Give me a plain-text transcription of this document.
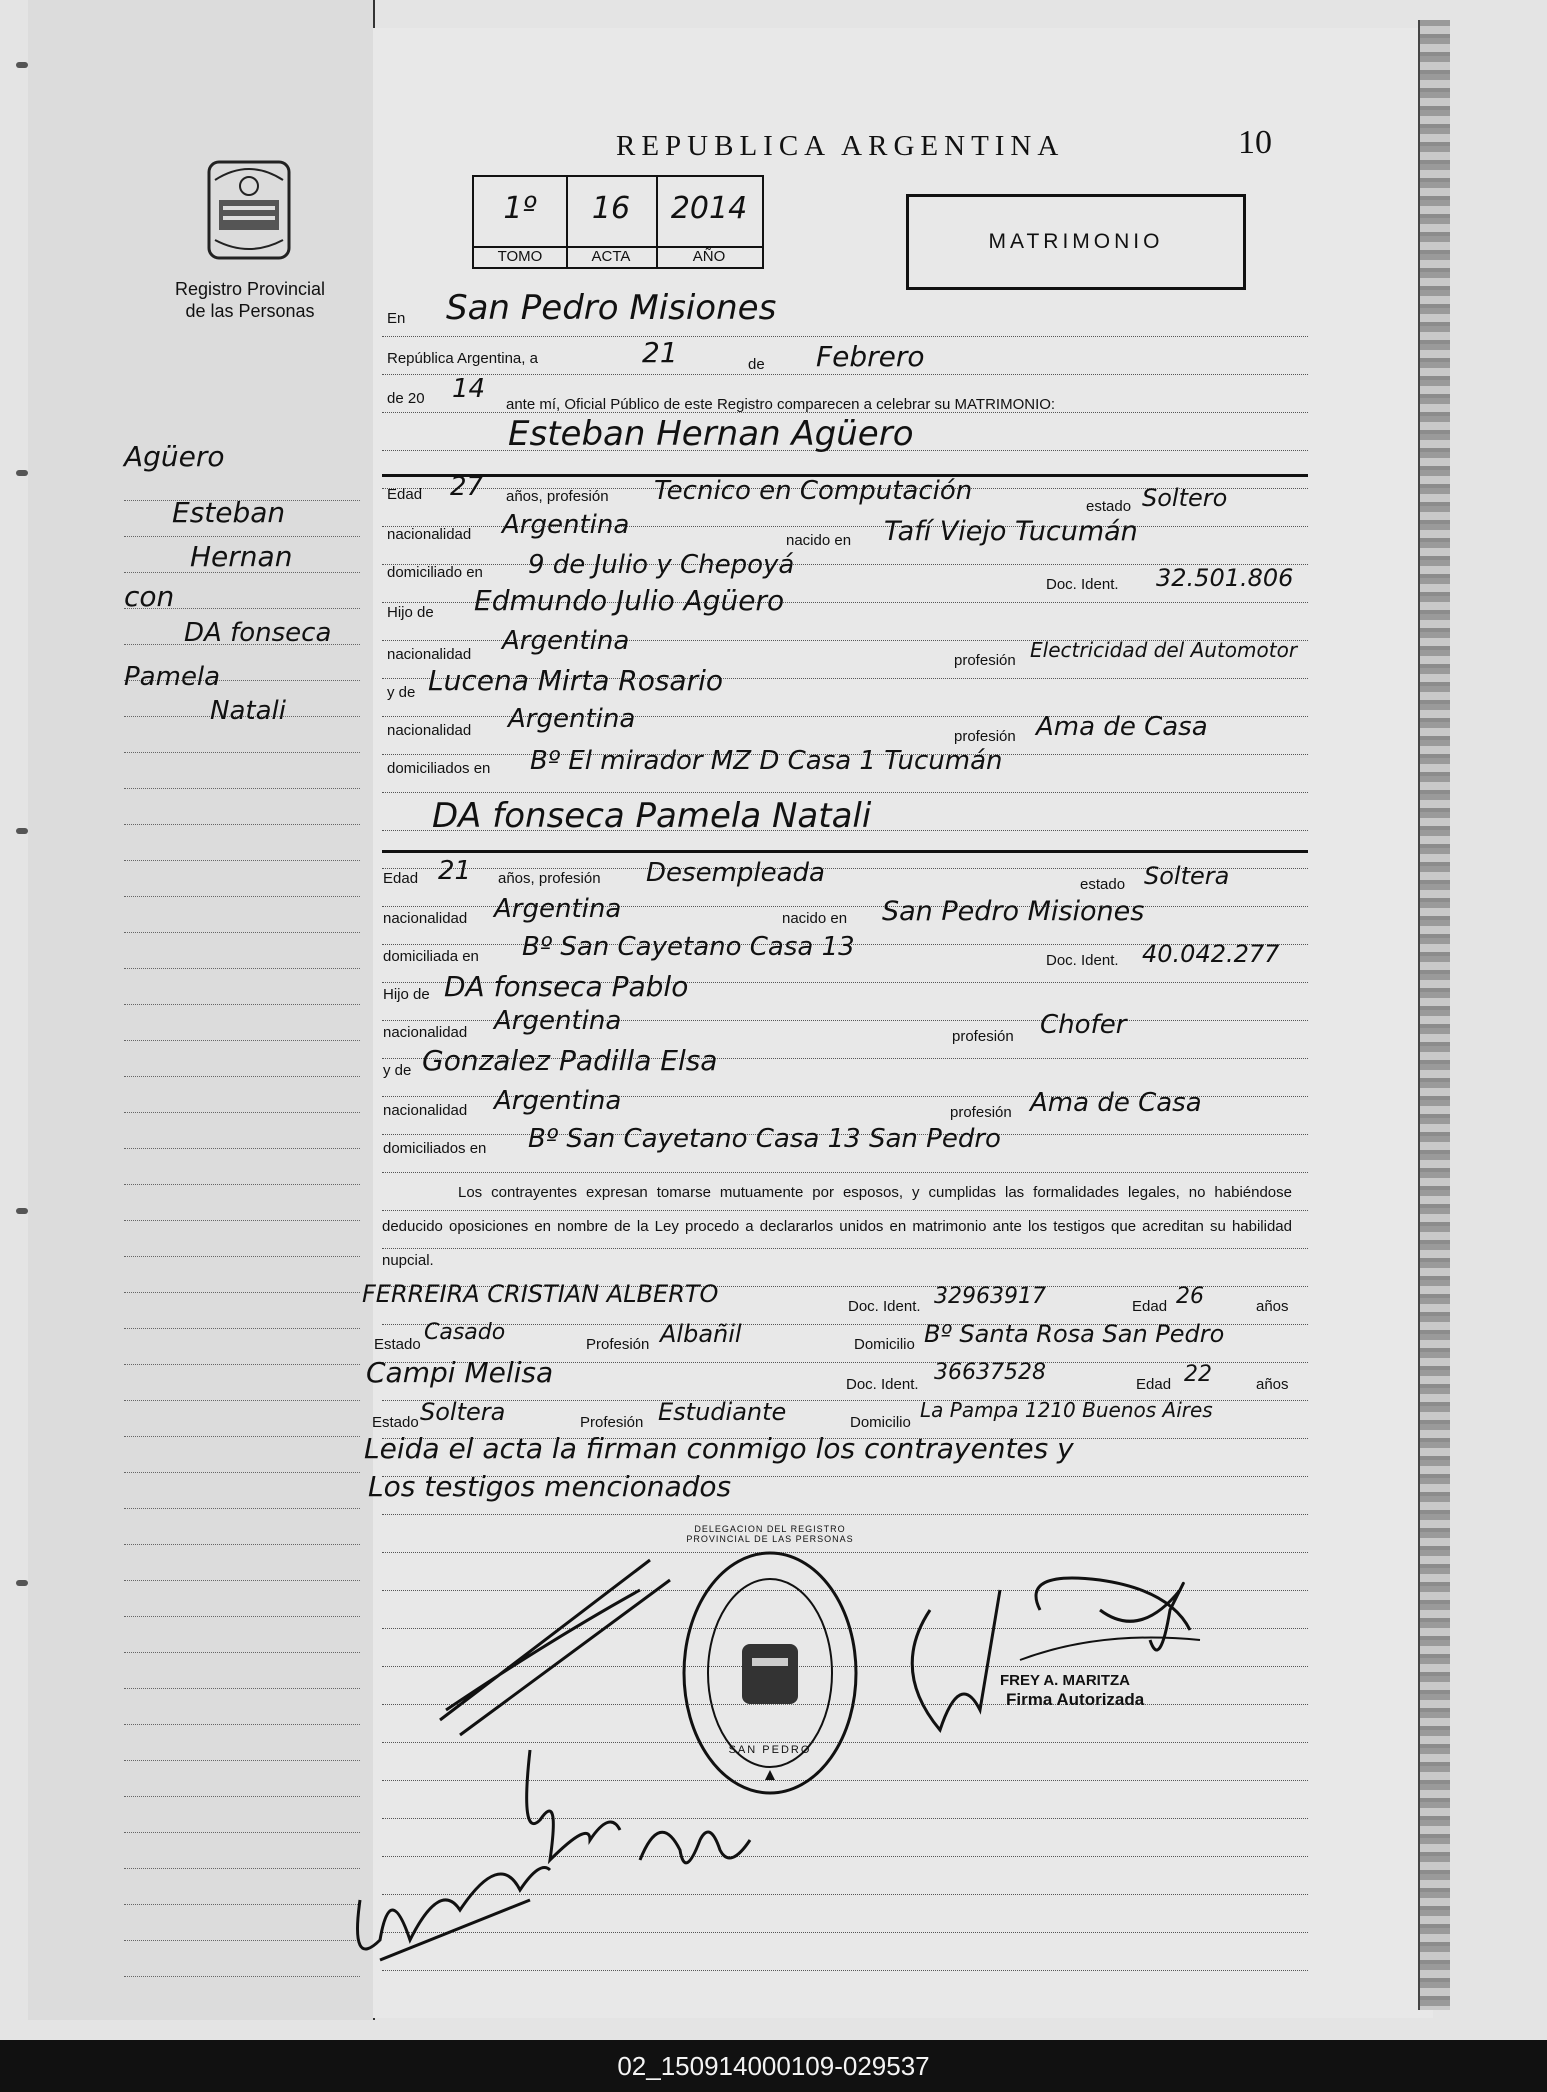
Registro Provincial
de las Personas
Agüero
Esteban
Hernan
con
DA fonseca
Pamela
Natali
REPUBLICA ARGENTINA	10
1º
TOMO
16
ACTA
2014
AÑO
MATRIMONIO
En San Pedro Misiones
República Argentina, a	21	de Febrero
de 20 14
ante mí, Oficial Público de este Registro comparecen a celebrar su MATRIMONIO:
Esteban Hernan Agüero
Edad 27 años, profesión Tecnico en Computación
estado Soltero
nacionalidad Argentina
nacido en Tafí Viejo Tucumán
domiciliado en 9 de Julio y Chepoyá
Doc. Ident. 32.501.806
Hijo de Edmundo Julio Agüero
nacionalidad Argentina
profesión Electricidad del Automotor
y de Lucena Mirta Rosario
nacionalidad Argentina
profesión Ama de Casa
domiciliados en Bº El mirador MZ D Casa 1 Tucumán
DA fonseca Pamela Natali
Edad 21 años, profesión Desempleada	estado Soltera
nacionalidad Argentina	nacido en San Pedro Misiones
domiciliada en Bº San Cayetano Casa 13	Doc. Ident. 40.042.277
Hijo de DA fonseca Pablo
nacionalidad Argentina
profesión Chofer
y de Gonzalez Padilla Elsa
nacionalidad Argentina	profesión Ama de Casa
domiciliados en Bº San Cayetano Casa 13 San Pedro
Los contrayentes expresan tomarse mutuamente por esposos, y cumplidas las formalidades legales, no habiéndose deducido oposiciones en nombre de la Ley procedo a declararlos unidos en matrimonio ante los testigos que acreditan su habilidad nupcial.
FERREIRA CRISTIAN ALBERTO	Doc. Ident. 32963917	Edad 26	años
Estado Casado	Profesión Albañil	Domicilio Bº Santa Rosa San Pedro
Campi Melisa	Doc. Ident. 36637528	Edad 22	años
Estado Soltera	Profesión Estudiante	Domicilio
La Pampa 1210 Buenos Aires
Leida el acta la firman conmigo los contrayentes y
Los testigos mencionados
DELEGACION DEL REGISTRO PROVINCIAL DE LAS PERSONAS
SAN PEDRO
FREY A. MARITZA
Firma Autorizada
02_150914000109-029537
